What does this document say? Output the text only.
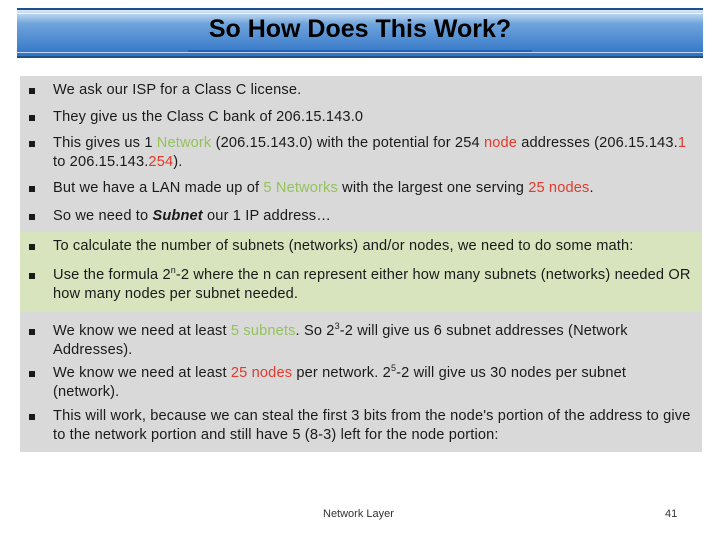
So How Does This Work?
We ask our ISP for a Class C license.
They give us the Class C bank of 206.15.143.0
This gives us 1 Network (206.15.143.0) with the potential for 254 node addresses (206.15.143.1 to 206.15.143.254).
But we have a LAN made up of 5 Networks with the largest one serving 25 nodes.
So we need to Subnet our 1 IP address…
To calculate the number of subnets (networks) and/or nodes, we need to do some math:
Use the formula 2$^n$-2 where the n can represent either how many subnets (networks) needed OR how many nodes per subnet needed.
We know we need at least 5 subnets. So $2^3-2$ will give us 6 subnet addresses (Network Addresses).
We know we need at least 25 nodes per network. $2^5-2$ will give us 30 nodes per subnet (network).
This will work, because we can steal the first 3 bits from the node's portion of the address to give to the network portion and still have 5 (8-3) left for the node portion:
Network Layer	41
